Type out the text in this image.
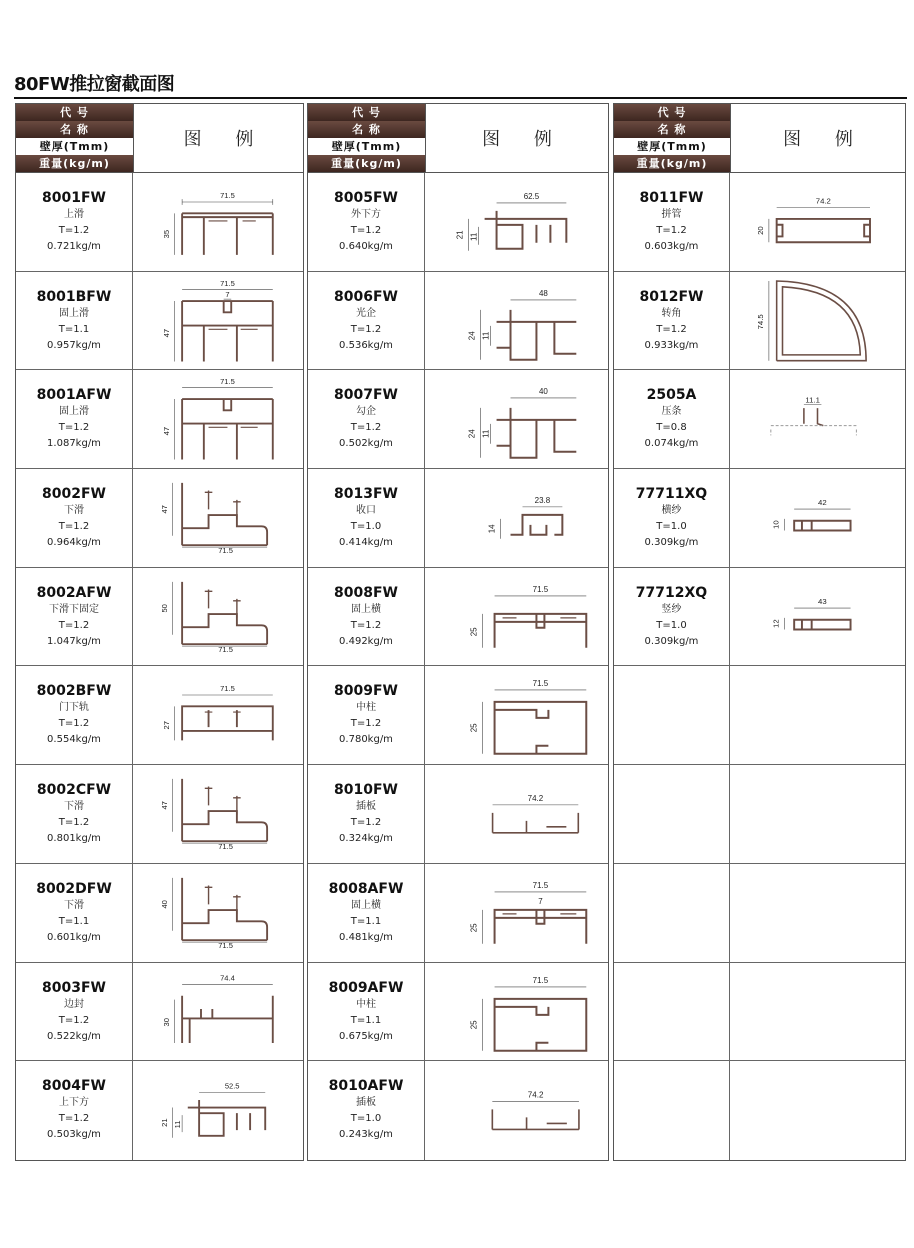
80FW推拉窗截面图
代 号
名 称
壁厚(Tmm)
重量(kg/m)
图 例
8001FW
上滑
T=1.2
0.721kg/m
71.5
35
8001BFW
固上滑
T=1.1
0.957kg/m
71.5
47
7
8001AFW
固上滑
T=1.2
1.087kg/m
71.5
47
8002FW
下滑
T=1.2
0.964kg/m
47
71.5
8002AFW
下滑下固定
T=1.2
1.047kg/m
50
71.5
8002BFW
门下轨
T=1.2
0.554kg/m
71.5
27
8002CFW
下滑
T=1.2
0.801kg/m
47
71.5
8002DFW
下滑
T=1.1
0.601kg/m
40
71.5
8003FW
边封
T=1.2
0.522kg/m
74.4
30
8004FW
上下方
T=1.2
0.503kg/m
52.5
21 11
代 号
名 称
壁厚(Tmm)
重量(kg/m)
图 例
8005FW
外下方
T=1.2
0.640kg/m
62.5
21 11
8006FW
光企
T=1.2
0.536kg/m
48
24 11
8007FW
勾企
T=1.2
0.502kg/m
40
24 11
8013FW
收口
T=1.0
0.414kg/m
23.8
14
8008FW
固上横
T=1.2
0.492kg/m
71.5
25
8009FW
中柱
T=1.2
0.780kg/m
71.5
25
8010FW
插板
T=1.2
0.324kg/m
74.2
8008AFW
固上横
T=1.1
0.481kg/m
71.5
25
7
8009AFW
中柱
T=1.1
0.675kg/m
71.5
25
8010AFW
插板
T=1.0
0.243kg/m
74.2
代 号
名 称
壁厚(Tmm)
重量(kg/m)
图 例
8011FW
拼管
T=1.2
0.603kg/m
74.2
20
8012FW
转角
T=1.2
0.933kg/m
74.5
2505A
压条
T=0.8
0.074kg/m
11.1
77711XQ
横纱
T=1.0
0.309kg/m
42
10
77712XQ
竖纱
T=1.0
0.309kg/m
43
12
